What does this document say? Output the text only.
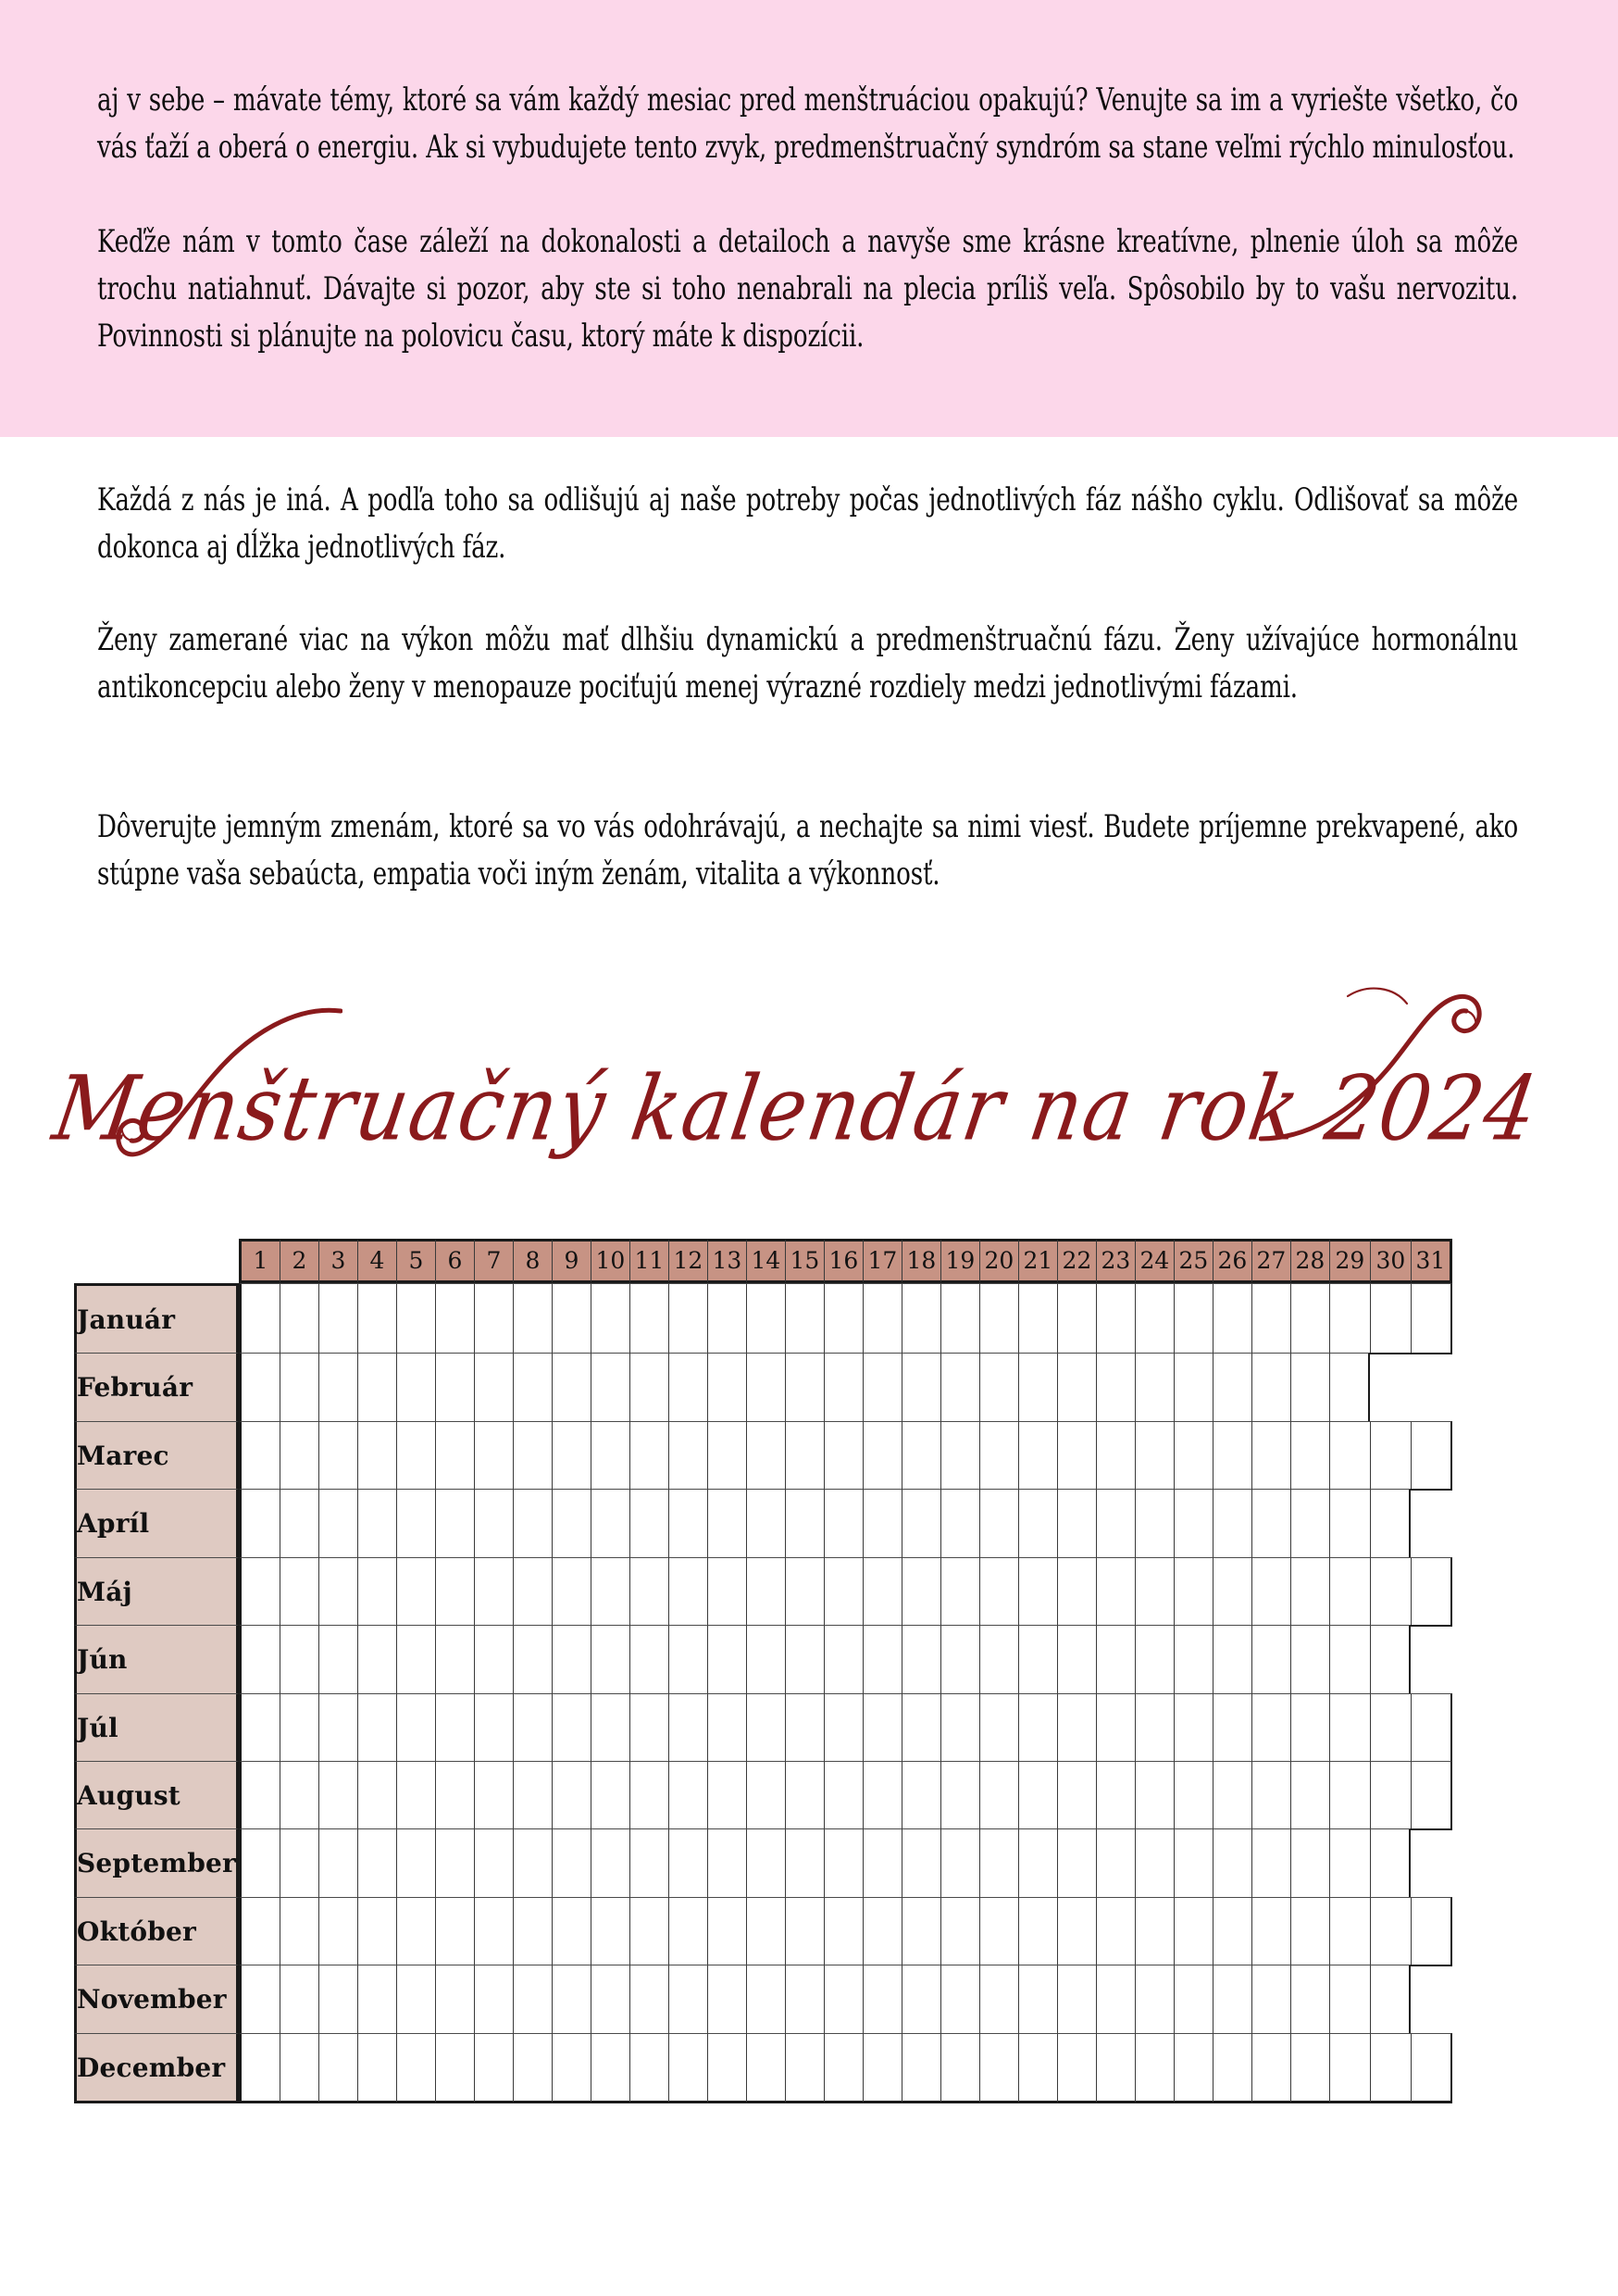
aj v sebe – mávate témy, ktoré sa vám každý mesiac pred menštruáciou opakujú? Venujte sa im a vyriešte všetko, čo vás ťaží a oberá o energiu. Ak si vybudujete tento zvyk, predmenštruačný syndróm sa stane veľmi rýchlo minulosťou.

Keďže nám v tomto čase záleží na dokonalosti a detailoch a navyše sme krásne kreatívne, plnenie úloh sa môže trochu natiahnuť. Dávajte si pozor, aby ste si toho nenabrali na plecia príliš veľa. Spôsobilo by to vašu nervozitu. Povinnosti si plánujte na polovicu času, ktorý máte k dispozícii.

Každá z nás je iná. A podľa toho sa odlišujú aj naše potreby počas jednotlivých fáz nášho cyklu. Odlišovať sa môže dokonca aj dĺžka jednotlivých fáz.

Ženy zamerané viac na výkon môžu mať dlhšiu dynamickú a predmenštruačnú fázu. Ženy užívajúce hormonálnu antikoncepciu alebo ženy v menopauze pociťujú menej výrazné rozdiely medzi jednotlivými fázami.

Dôverujte jemným zmenám, ktoré sa vo vás odohrávajú, a nechajte sa nimi viesť. Budete príjemne prekvapené, ako stúpne vaša sebaúcta, empatia voči iným ženám, vitalita a výkonnosť.

Menštruačný kalendár na rok 2024
	1	2	3	4	5	6	7	8	9	10	11	12	13	14	15	16	17	18	19	20	21	22	23	24	25	26	27	28	29	30	31
Január																															
Február																															
Marec																															
Apríl																															
Máj																															
Jún																															
Júl																															
August																															
September																															
Október																															
November																															
December																															
